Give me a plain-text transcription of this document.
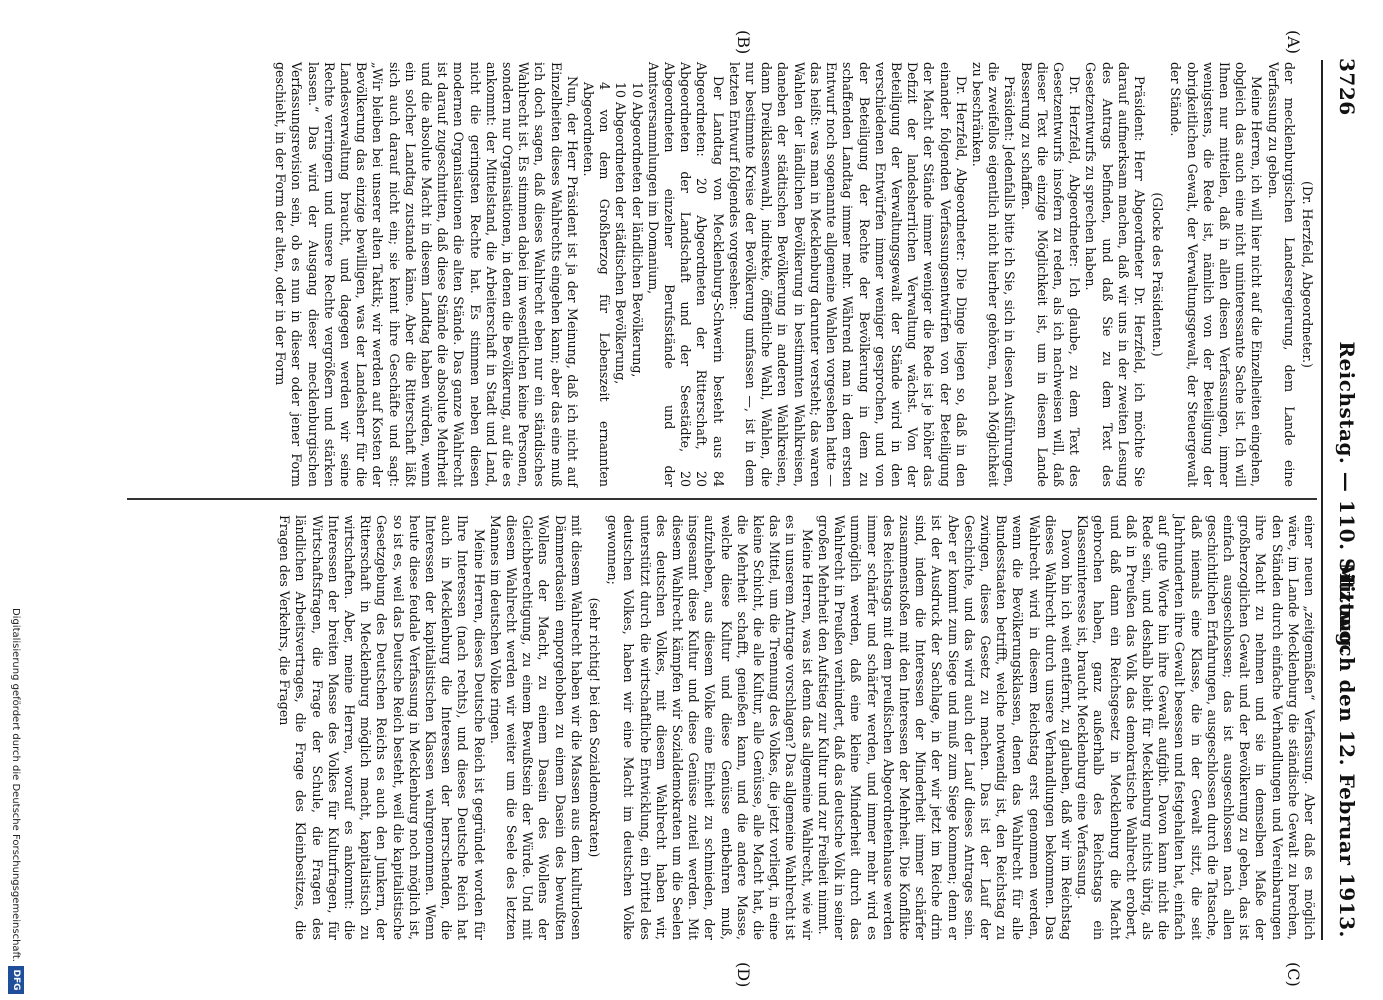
3726
Reichstag. — 110. Sitzung.
Mittwoch den 12. Februar 1913.
(A)
(B)
(C)
(D)

(Dr. Herzfeld, Abgeordneter.)

der mecklenburgischen Landesregierung, dem Lande eine Verfassung zu geben.

Meine Herren, ich will hier nicht auf die Einzelheiten eingehen, obgleich das auch eine nicht uninteressante Sache ist. Ich will Ihnen nur mitteilen, daß in allen diesen Verfassungen, immer wenigstens, die Rede ist, nämlich von der Beteiligung der obrigkeitlichen Gewalt, der Verwaltungsgewalt, der Steuergewalt der Stände.

(Glocke des Präsidenten.)

Präsident: Herr Abgeordneter Dr. Herzfeld, ich möchte Sie darauf aufmerksam machen, daß wir uns in der zweiten Lesung des Antrags befinden, und daß Sie zu dem Text des Gesetzentwurfs zu sprechen haben.

Dr. Herzfeld, Abgeordneter: Ich glaube, zu dem Text des Gesetzentwurfs insofern zu reden, als ich nachweisen will, daß dieser Text die einzige Möglichkeit ist, um in diesem Lande Besserung zu schaffen.

Präsident: Jedenfalls bitte ich Sie, sich in diesen Ausführungen, die zweifellos eigentlich nicht hierher gehören, nach Möglichkeit zu beschränken.

Dr. Herzfeld, Abgeordneter: Die Dinge liegen so, daß in den einander folgenden Verfassungsentwürfen von der Beteiligung der Macht der Stände immer weniger die Rede ist je höher das Defizit der landesherrlichen Verwaltung wächst. Von der Beteiligung der Verwaltungsgewalt der Stände wird in den verschiedenen Entwürfen immer weniger gesprochen, und von der Beteiligung der Rechte der Bevölkerung in dem zu schaffenden Landtag immer mehr. Während man in dem ersten Entwurf noch sogenannte allgemeine Wahlen vorgesehen hatte — das heißt: was man in Mecklenburg darunter versteht; das waren Wahlen der ländlichen Bevölkerung in bestimmten Wahlkreisen, daneben der städtischen Bevölkerung in anderen Wahlkreisen, dann Dreiklassenwahl, indirekte, öffentliche Wahl, Wahlen, die nur bestimmte Kreise der Bevölkerung umfassen —, ist in dem letzten Entwurf folgendes vorgesehen:

Der Landtag von Mecklenburg-Schwerin besteht aus 84 Abgeordneten: 20 Abgeordneten der Ritterschaft, 20 Abgeordneten der Landschaft und der Seestädte, 20 Abgeordneten einzelner Berufsstände und der Amtsversammlungen im Domanium,

10 Abgeordneten der ländlichen Bevölkerung,

10 Abgeordneten der städtischen Bevölkerung,

4 von dem Großherzog für Lebenszeit ernannten Abgeordneten.

Nun, der Herr Präsident ist ja der Meinung, daß ich nicht auf Einzelheiten dieses Wahlrechts eingehen kann; aber das eine muß ich doch sagen, daß dieses Wahlrecht eben nur ein ständisches Wahlrecht ist. Es stimmen dabei im wesentlichen keine Personen, sondern nur Organisationen, in denen die Bevölkerung, auf die es ankommt: der Mittelstand, die Arbeiterschaft in Stadt und Land, nicht die geringsten Rechte hat. Es stimmen neben diesen modernen Organisationen die alten Stände. Das ganze Wahlrecht ist darauf zugeschnitten, daß diese Stände die absolute Mehrheit und die absolute Macht in diesem Landtag haben würden, wenn ein solcher Landtag zustande käme. Aber die Ritterschaft läßt sich auch darauf nicht ein; sie kennt ihre Geschäfte und sagt: „Wir bleiben bei unserer alten Taktik; wir werden auf Kosten der Bevölkerung das einzige bewilligen, was der Landesherr für die Landesverwaltung braucht, und dagegen werden wir seine Rechte verringern und unsere Rechte vergrößern und stärken lassen.“ Das wird der Ausgang dieser mecklenburgischen Verfassungsrevision sein, ob es nun in dieser oder jener Form geschieht, in der Form der alten, oder in der Form

einer neuen „zeitgemäßen“ Verfassung. Aber daß es möglich wäre, im Lande Mecklenburg die ständische Gewalt zu brechen, den Ständen durch einfache Verhandlungen und Vereinbarungen ihre Macht zu nehmen und sie in demselben Maße der großherzoglichen Gewalt und der Bevölkerung zu geben, das ist einfach ausgeschlossen; das ist ausgeschlossen nach allen geschichtlichen Erfahrungen, ausgeschlossen durch die Tatsache, daß niemals eine Klasse, die in der Gewalt sitzt, die seit Jahrhunderten ihre Gewalt besessen und festgehalten hat, einfach auf gute Worte hin ihre Gewalt aufgibt. Davon kann nicht die Rede sein, und deshalb bleibt für Mecklenburg nichts übrig, als daß in Preußen das Volk das demokratische Wahlrecht erobert, und daß dann ein Reichsgesetz in Mecklenburg die Macht gebrochen haben, ganz außerhalb des Reichstags ein Klasseninteresse ist, braucht Mecklenburg eine Verfassung.

Davon bin ich weit entfernt, zu glauben, daß wir im Reichstag dieses Wahlrecht durch unsere Verhandlungen bekommen. Das Wahlrecht wird in diesem Reichstag erst genommen werden, wenn die Bevölkerungsklassen, denen das Wahlrecht für alle Bundesstaaten betrifft, welche notwendig ist, den Reichstag zu zwingen, dieses Gesetz zu machen. Das ist der Lauf der Geschichte, und das wird auch der Lauf dieses Antrages sein. Aber er kommt zum Siege und muß zum Siege kommen; denn er ist der Ausdruck der Sachlage, in der wir jetzt im Reiche drin sind, indem die Interessen der Minderheit immer schärfer zusammenstoßen mit den Interessen der Mehrheit. Die Konflikte des Reichstags mit dem preußischen Abgeordnetenhause werden immer schärfer und schärfer werden, und immer mehr wird es unmöglich werden, daß eine kleine Minderheit durch das Wahlrecht in Preußen verhindert, daß das deutsche Volk in seiner großen Mehrheit den Aufstieg zur Kultur und zur Freiheit nimmt.

Meine Herren, was ist denn das allgemeine Wahlrecht, wie wir es in unserem Antrage vorschlagen? Das allgemeine Wahlrecht ist das Mittel, um die Trennung des Volkes, die jetzt vorliegt, in eine kleine Schicht, die alle Kultur, alle Genüsse, alle Macht hat, die die Mehrheit schafft, genießen kann, und die andere Masse, welche diese Kultur und diese Genüsse entbehren muß, aufzuheben, aus diesem Volke eine Einheit zu schmieden, der insgesamt diese Kultur und diese Genüsse zuteil werden. Mit diesem Wahlrecht kämpfen wir Sozialdemokraten um die Seelen des deutschen Volkes, mit diesem Wahlrecht haben wir, unterstützt durch die wirtschaftliche Entwicklung, ein Drittel des deutschen Volkes, haben wir eine Macht im deutschen Volke gewonnen;

(sehr richtig! bei den Sozialdemokraten)

mit diesem Wahlrecht haben wir die Massen aus dem kulturlosen Dämmerdasein emporgehoben zu einem Dasein des bewußten Wollens der Macht, zu einem Dasein des Wollens der Gleichberechtigung, zu einem Bewußtsein der Würde. Und mit diesem Wahlrecht werden wir weiter um die Seele des letzten Mannes im deutschen Volke ringen.

Meine Herren, dieses Deutsche Reich ist gegründet worden für Ihre Interessen (nach rechts), und dieses Deutsche Reich hat auch in Mecklenburg die Interessen der herrschenden, die Interessen der kapitalistischen Klassen wahrgenommen. Wenn heute diese feudale Verfassung in Mecklenburg noch möglich ist, so ist es, weil das Deutsche Reich besteht, weil die kapitalistische Gesetzgebung des Deutschen Reichs es auch den Junkern, der Ritterschaft in Mecklenburg möglich macht, kapitalistisch zu wirtschaften. Aber, meine Herren, worauf es ankommt: die Interessen der breiten Masse des Volkes für Kulturfragen, für Wirtschaftsfragen, die Frage der Schule, die Fragen des ländlichen Arbeitsvertrages, die Frage des Kleinbesitzes, die Fragen des Verkehrs, die Fragen

Digitalisierung gefördert durch die Deutsche Forschungsgemeinschaft.
DFG
